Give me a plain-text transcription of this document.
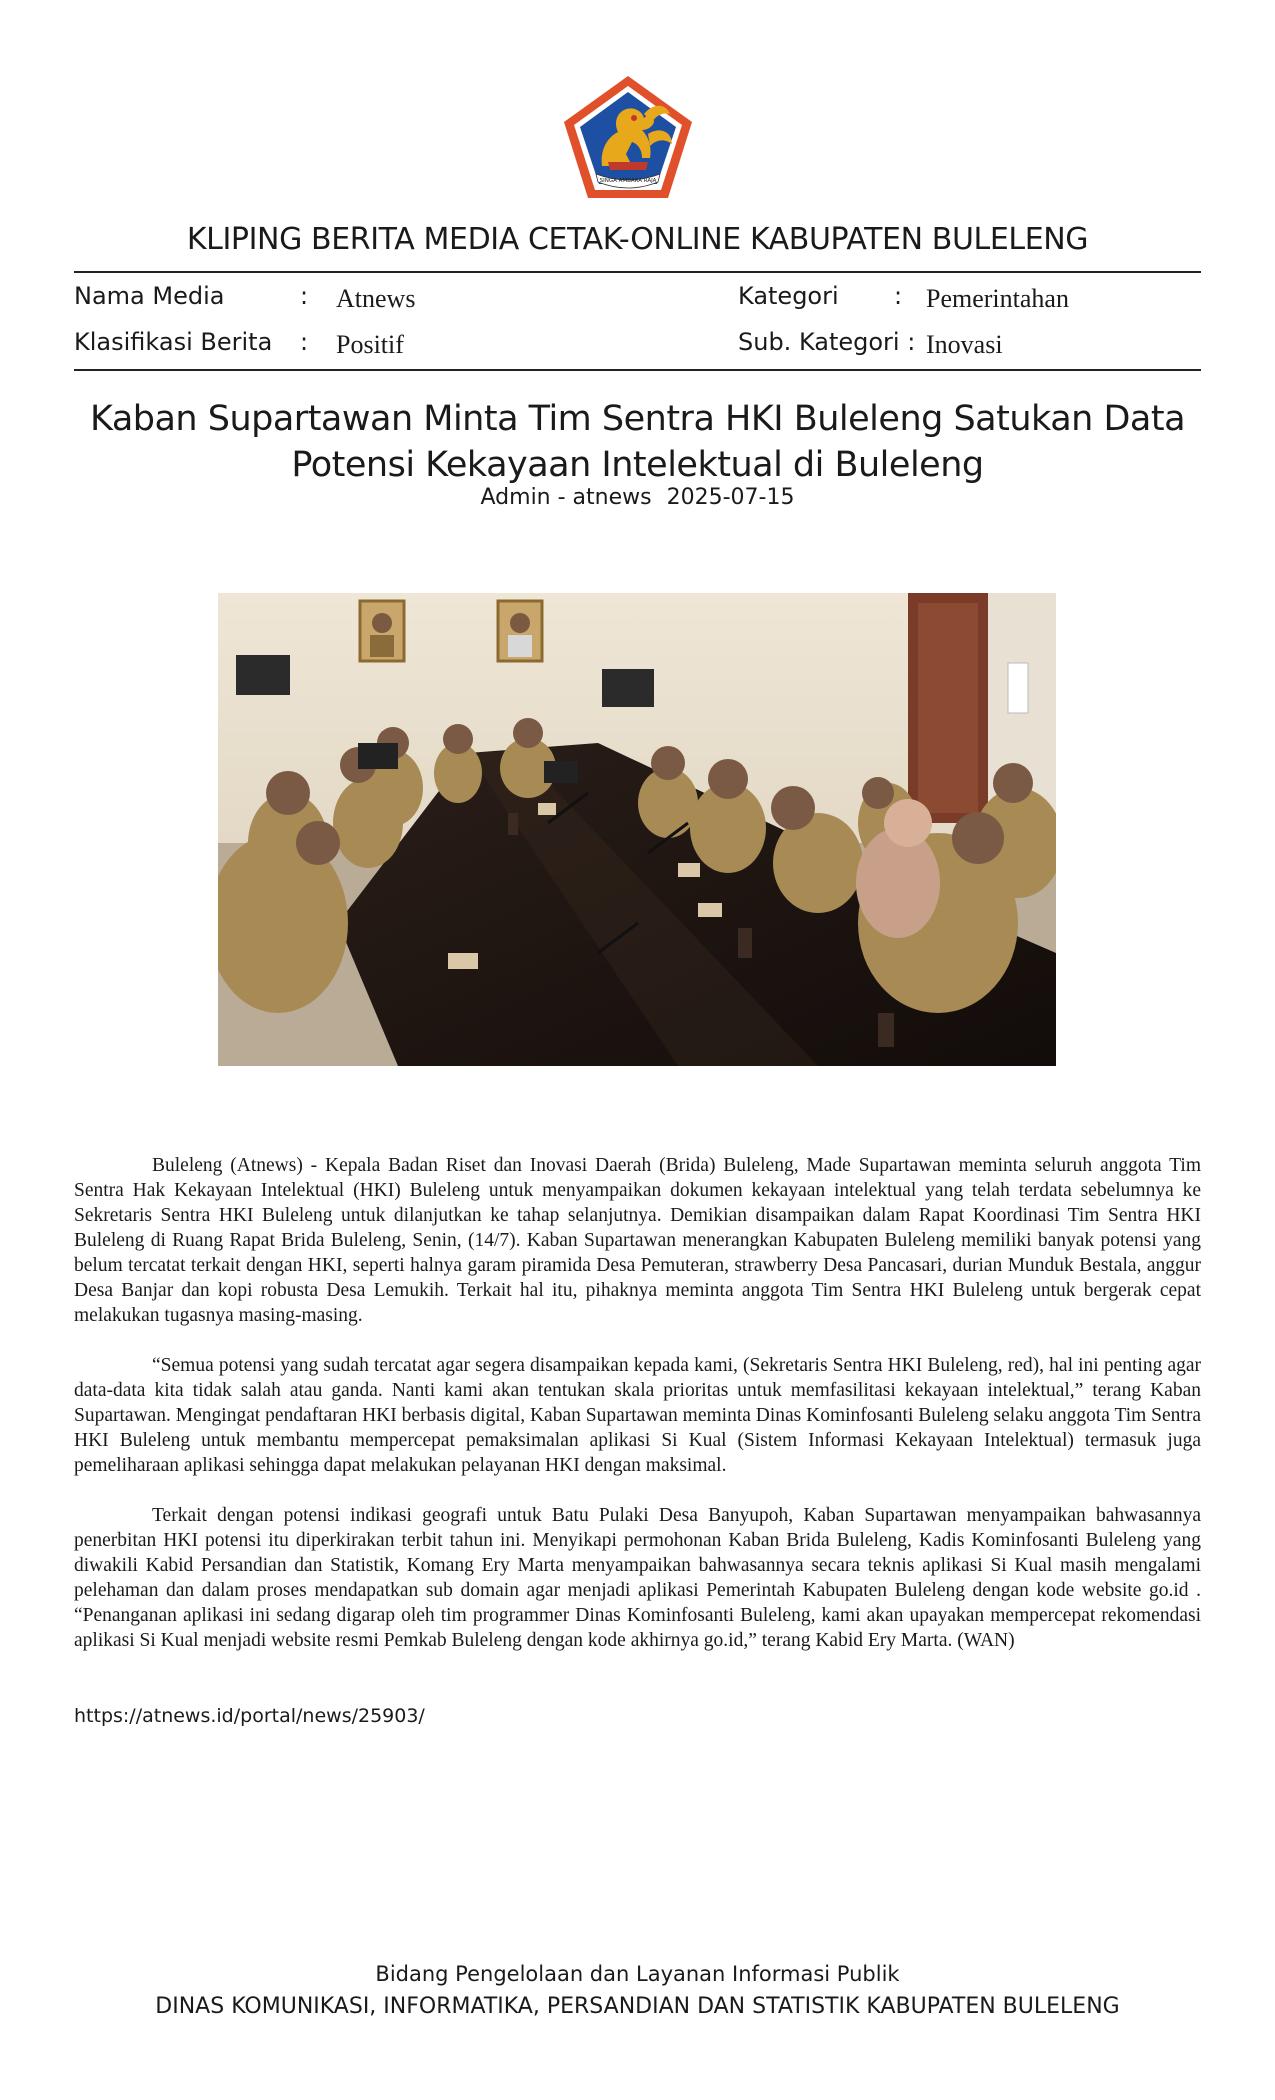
SINGA AMBARA RAJA
KLIPING BERITA MEDIA CETAK-ONLINE KABUPATEN BULELENG
Nama Media	: Atnews	Kategori : Pemerintahan
Klasifikasi Berita : Positif	Sub. Kategori : Inovasi
Kaban Supartawan Minta Tim Sentra HKI Buleleng Satukan Data Potensi Kekayaan Intelektual di Buleleng
Admin - atnews 2025-07-15

Buleleng (Atnews) - Kepala Badan Riset dan Inovasi Daerah (Brida) Buleleng, Made Supartawan meminta seluruh anggota Tim Sentra Hak Kekayaan Intelektual (HKI) Buleleng untuk menyampaikan dokumen kekayaan intelektual yang telah terdata sebelumnya ke Sekretaris Sentra HKI Buleleng untuk dilanjutkan ke tahap selanjutnya. Demikian disampaikan dalam Rapat Koordinasi Tim Sentra HKI Buleleng di Ruang Rapat Brida Buleleng, Senin, (14/7). Kaban Supartawan menerangkan Kabupaten Buleleng memiliki banyak potensi yang belum tercatat terkait dengan HKI, seperti halnya garam piramida Desa Pemuteran, strawberry Desa Pancasari, durian Munduk Bestala, anggur Desa Banjar dan kopi robusta Desa Lemukih. Terkait hal itu, pihaknya meminta anggota Tim Sentra HKI Buleleng untuk bergerak cepat melakukan tugasnya masing-masing.

“Semua potensi yang sudah tercatat agar segera disampaikan kepada kami, (Sekretaris Sentra HKI Buleleng, red), hal ini penting agar data-data kita tidak salah atau ganda. Nanti kami akan tentukan skala prioritas untuk memfasilitasi kekayaan intelektual,” terang Kaban Supartawan. Mengingat pendaftaran HKI berbasis digital, Kaban Supartawan meminta Dinas Kominfosanti Buleleng selaku anggota Tim Sentra HKI Buleleng untuk membantu mempercepat pemaksimalan aplikasi Si Kual (Sistem Informasi Kekayaan Intelektual) termasuk juga pemeliharaan aplikasi sehingga dapat melakukan pelayanan HKI dengan maksimal.

Terkait dengan potensi indikasi geografi untuk Batu Pulaki Desa Banyupoh, Kaban Supartawan menyampaikan bahwasannya penerbitan HKI potensi itu diperkirakan terbit tahun ini. Menyikapi permohonan Kaban Brida Buleleng, Kadis Kominfosanti Buleleng yang diwakili Kabid Persandian dan Statistik, Komang Ery Marta menyampaikan bahwasannya secara teknis aplikasi Si Kual masih mengalami pelehaman dan dalam proses mendapatkan sub domain agar menjadi aplikasi Pemerintah Kabupaten Buleleng dengan kode website go.id . “Penanganan aplikasi ini sedang digarap oleh tim programmer Dinas Kominfosanti Buleleng, kami akan upayakan mempercepat rekomendasi aplikasi Si Kual menjadi website resmi Pemkab Buleleng dengan kode akhirnya go.id,” terang Kabid Ery Marta. (WAN)

https://atnews.id/portal/news/25903/
Bidang Pengelolaan dan Layanan Informasi Publik
DINAS KOMUNIKASI, INFORMATIKA, PERSANDIAN DAN STATISTIK KABUPATEN BULELENG
